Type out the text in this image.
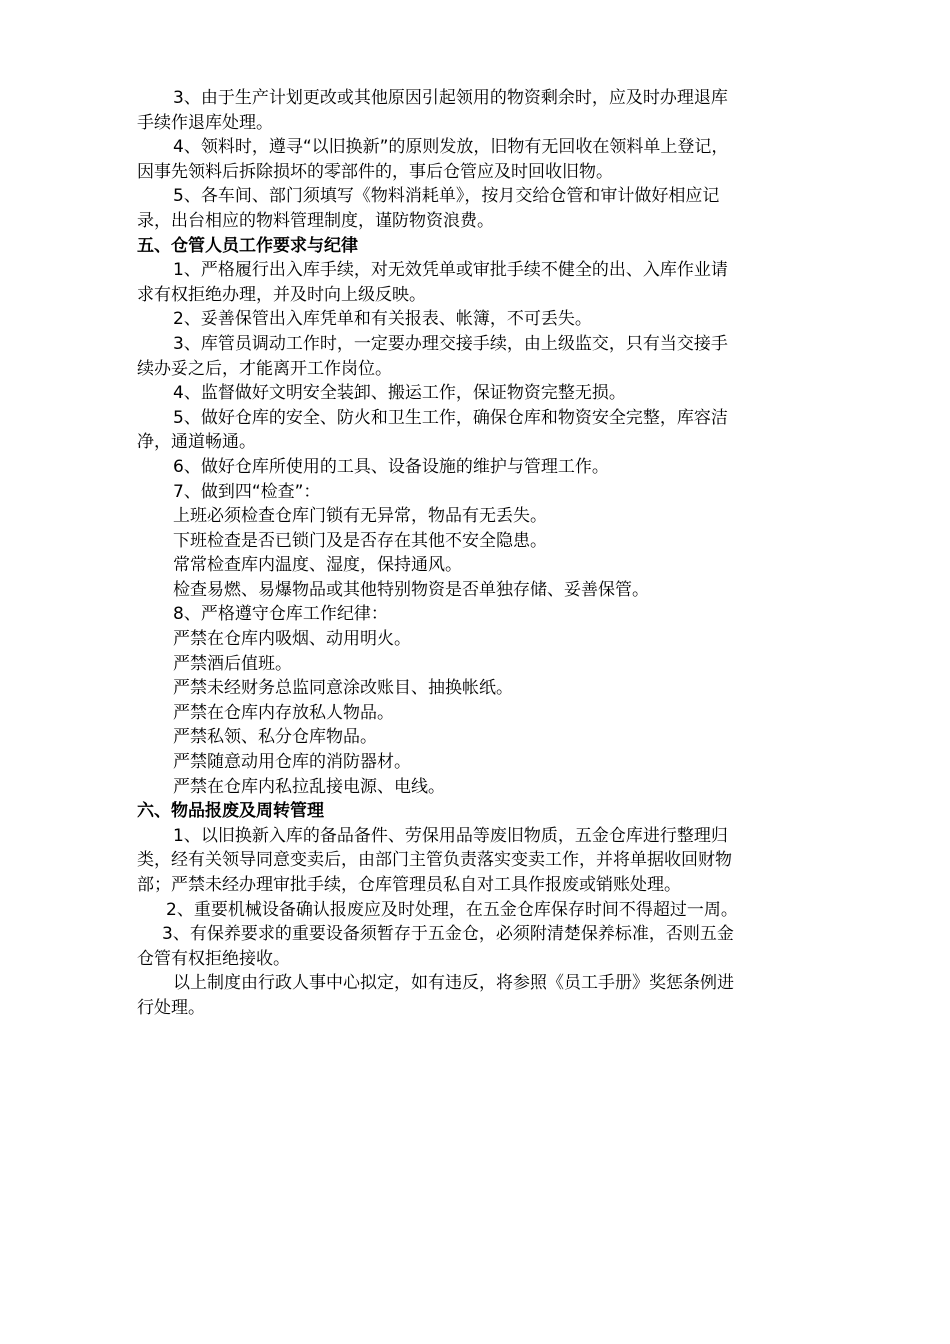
3、由于生产计划更改或其他原因引起领用的物资剩余时，应及时办理退库
手续作退库处理。
4、领料时，遵寻“以旧换新”的原则发放，旧物有无回收在领料单上登记，
因事先领料后拆除损坏的零部件的，事后仓管应及时回收旧物。
5、各车间、部门须填写《物料消耗单》，按月交给仓管和审计做好相应记
录，出台相应的物料管理制度，谨防物资浪费。
五、仓管人员工作要求与纪律
1、严格履行出入库手续，对无效凭单或审批手续不健全的出、入库作业请
求有权拒绝办理，并及时向上级反映。
2、妥善保管出入库凭单和有关报表、帐簿，不可丢失。
3、库管员调动工作时，一定要办理交接手续，由上级监交，只有当交接手
续办妥之后，才能离开工作岗位。
4、监督做好文明安全装卸、搬运工作，保证物资完整无损。
5、做好仓库的安全、防火和卫生工作，确保仓库和物资安全完整，库容洁
净，通道畅通。
6、做好仓库所使用的工具、设备设施的维护与管理工作。
7、做到四“检查”：
上班必须检查仓库门锁有无异常，物品有无丢失。
下班检查是否已锁门及是否存在其他不安全隐患。
常常检查库内温度、湿度，保持通风。
检查易燃、易爆物品或其他特别物资是否单独存储、妥善保管。
8、严格遵守仓库工作纪律：
严禁在仓库内吸烟、动用明火。
严禁酒后值班。
严禁未经财务总监同意涂改账目、抽换帐纸。
严禁在仓库内存放私人物品。
严禁私领、私分仓库物品。
严禁随意动用仓库的消防器材。
严禁在仓库内私拉乱接电源、电线。
六、物品报废及周转管理
1、以旧换新入库的备品备件、劳保用品等废旧物质，五金仓库进行整理归
类，经有关领导同意变卖后，由部门主管负责落实变卖工作，并将单据收回财物
部；严禁未经办理审批手续，仓库管理员私自对工具作报废或销账处理。
2、重要机械设备确认报废应及时处理，在五金仓库保存时间不得超过一周。
3、有保养要求的重要设备须暂存于五金仓，必须附清楚保养标准，否则五金
仓管有权拒绝接收。
以上制度由行政人事中心拟定，如有违反，将参照《员工手册》奖惩条例进
行处理。
